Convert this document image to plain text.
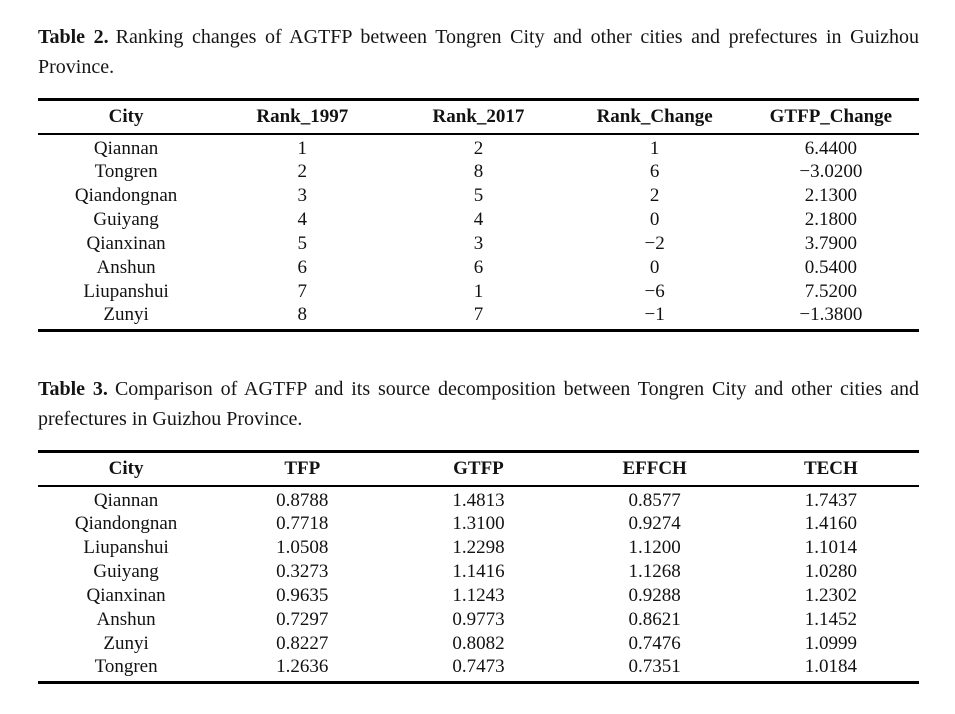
Table 2. Ranking changes of AGTFP between Tongren City and other cities and prefectures in Guizhou Province.

City	Rank_1997	Rank_2017	Rank_Change	GTFP_Change
Qiannan	1	2	1	6.4400
Tongren	2	8	6	−3.0200
Qiandongnan	3	5	2	2.1300
Guiyang	4	4	0	2.1800
Qianxinan	5	3	−2	3.7900
Anshun	6	6	0	0.5400
Liupanshui	7	1	−6	7.5200
Zunyi	8	7	−1	−1.3800

Table 3. Comparison of AGTFP and its source decomposition between Tongren City and other cities and prefectures in Guizhou Province.

City	TFP	GTFP	EFFCH	TECH
Qiannan	0.8788	1.4813	0.8577	1.7437
Qiandongnan	0.7718	1.3100	0.9274	1.4160
Liupanshui	1.0508	1.2298	1.1200	1.1014
Guiyang	0.3273	1.1416	1.1268	1.0280
Qianxinan	0.9635	1.1243	0.9288	1.2302
Anshun	0.7297	0.9773	0.8621	1.1452
Zunyi	0.8227	0.8082	0.7476	1.0999
Tongren	1.2636	0.7473	0.7351	1.0184
